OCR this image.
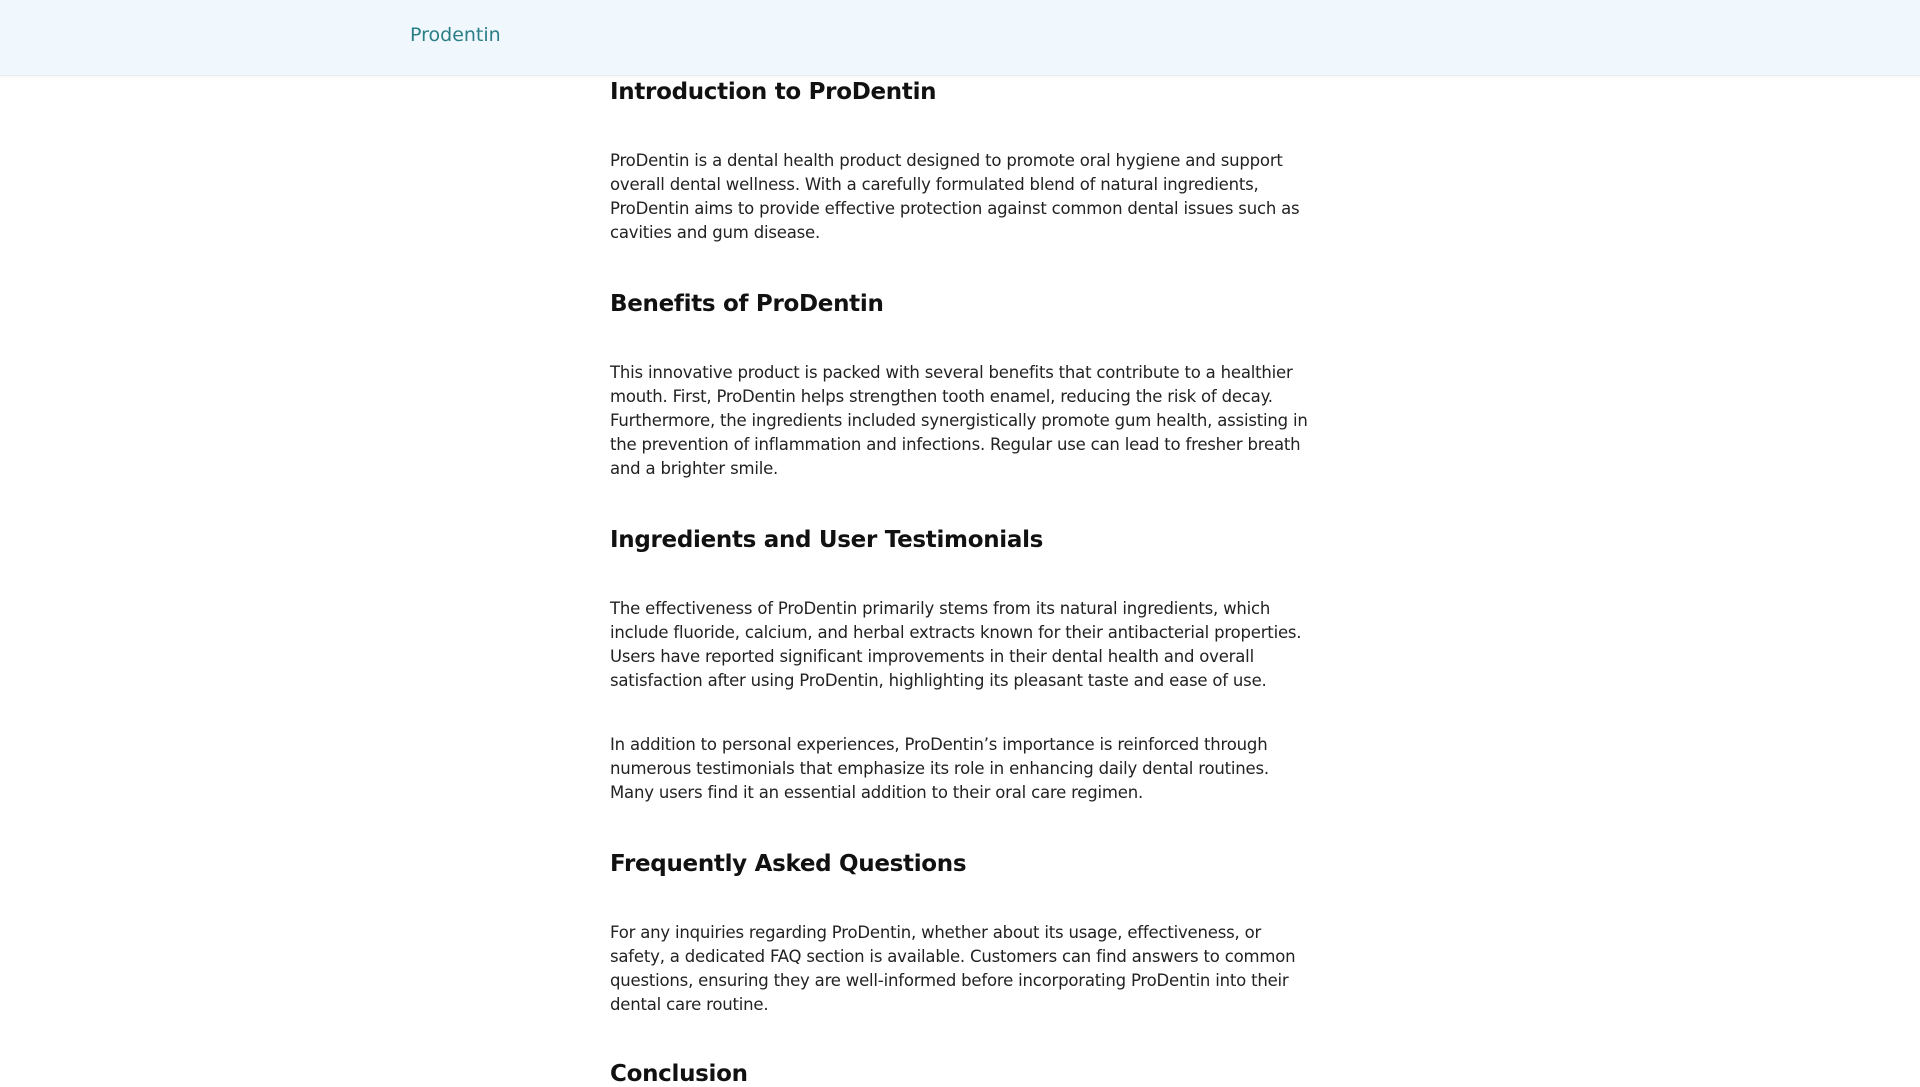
Prodentin
Introduction to ProDentin

ProDentin is a dental health product designed to promote oral hygiene and support overall dental wellness. With a carefully formulated blend of natural ingredients, ProDentin aims to provide effective protection against common dental issues such as cavities and gum disease.

Benefits of ProDentin

This innovative product is packed with several benefits that contribute to a healthier mouth. First, ProDentin helps strengthen tooth enamel, reducing the risk of decay. Furthermore, the ingredients included synergistically promote gum health, assisting in the prevention of inflammation and infections. Regular use can lead to fresher breath and a brighter smile.

Ingredients and User Testimonials

The effectiveness of ProDentin primarily stems from its natural ingredients, which include fluoride, calcium, and herbal extracts known for their antibacterial properties. Users have reported significant improvements in their dental health and overall satisfaction after using ProDentin, highlighting its pleasant taste and ease of use.

In addition to personal experiences, ProDentin’s importance is reinforced through numerous testimonials that emphasize its role in enhancing daily dental routines. Many users find it an essential addition to their oral care regimen.

Frequently Asked Questions

For any inquiries regarding ProDentin, whether about its usage, effectiveness, or safety, a dedicated FAQ section is available. Customers can find answers to common questions, ensuring they are well-informed before incorporating ProDentin into their dental care routine.

Conclusion
